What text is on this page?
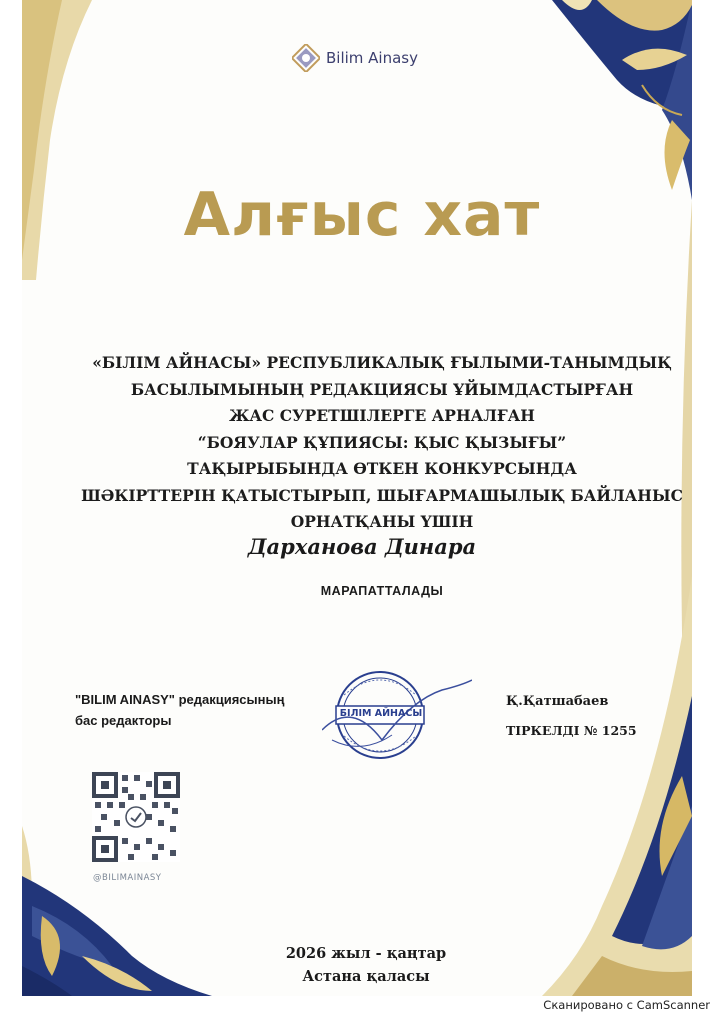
Bilim Ainasy
Алғыс хат
«БІЛІМ АЙНАСЫ» РЕСПУБЛИКАЛЫҚ ҒЫЛЫМИ-ТАНЫМДЫҚ
БАСЫЛЫМЫНЫҢ РЕДАКЦИЯСЫ ҰЙЫМДАСТЫРҒАН
ЖАС СУРЕТШІЛЕРГЕ АРНАЛҒАН
“БОЯУЛАР ҚҰПИЯСЫ: ҚЫС ҚЫЗЫҒЫ”
ТАҚЫРЫБЫНДА ӨТКЕН КОНКУРСЫНДА
ШӘКІРТТЕРІН ҚАТЫСТЫРЫП, ШЫҒАРМАШЫЛЫҚ БАЙЛАНЫС
ОРНАТҚАНЫ ҮШІН
Дарханова Динара
МАРАПАТТАЛАДЫ
"BILIM AINASY" редакциясының
бас редакторы	БІЛІМ АЙНАСЫ
Қ.Қатшабаев
ТІРКЕЛДІ № 1255
@BILIMAINASY
2026 жыл - қаңтар
Астана қаласы
Сканировано с CamScanner
